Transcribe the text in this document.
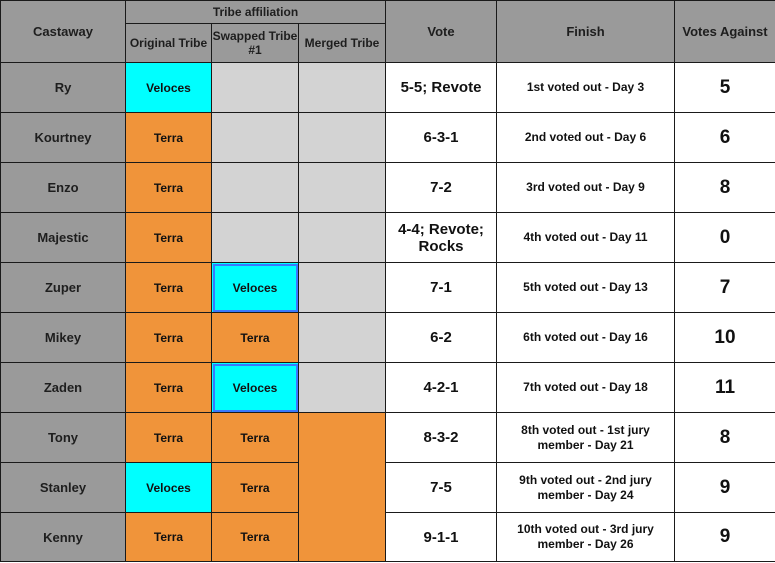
Castaway	Tribe affiliation			Vote	Finish	Votes Against
	Original Tribe	Swapped Tribe #1	Merged Tribe			
Ry	Veloces			5-5; Revote	1st voted out - Day 3	5
Kourtney	Terra			6-3-1	2nd voted out - Day 6	6
Enzo	Terra			7-2	3rd voted out - Day 9	8
Majestic	Terra			4-4; Revote; Rocks	4th voted out - Day 11	0
Zuper	Terra	Veloces		7-1	5th voted out - Day 13	7
Mikey	Terra	Terra		6-2	6th voted out - Day 16	10
Zaden	Terra	Veloces		4-2-1	7th voted out - Day 18	11
Tony	Terra	Terra		8-3-2	8th voted out - 1st jury member - Day 21	8
Stanley	Veloces	Terra		7-5	9th voted out - 2nd jury member - Day 24	9
Kenny	Terra	Terra		9-1-1	10th voted out - 3rd jury member - Day 26	9
